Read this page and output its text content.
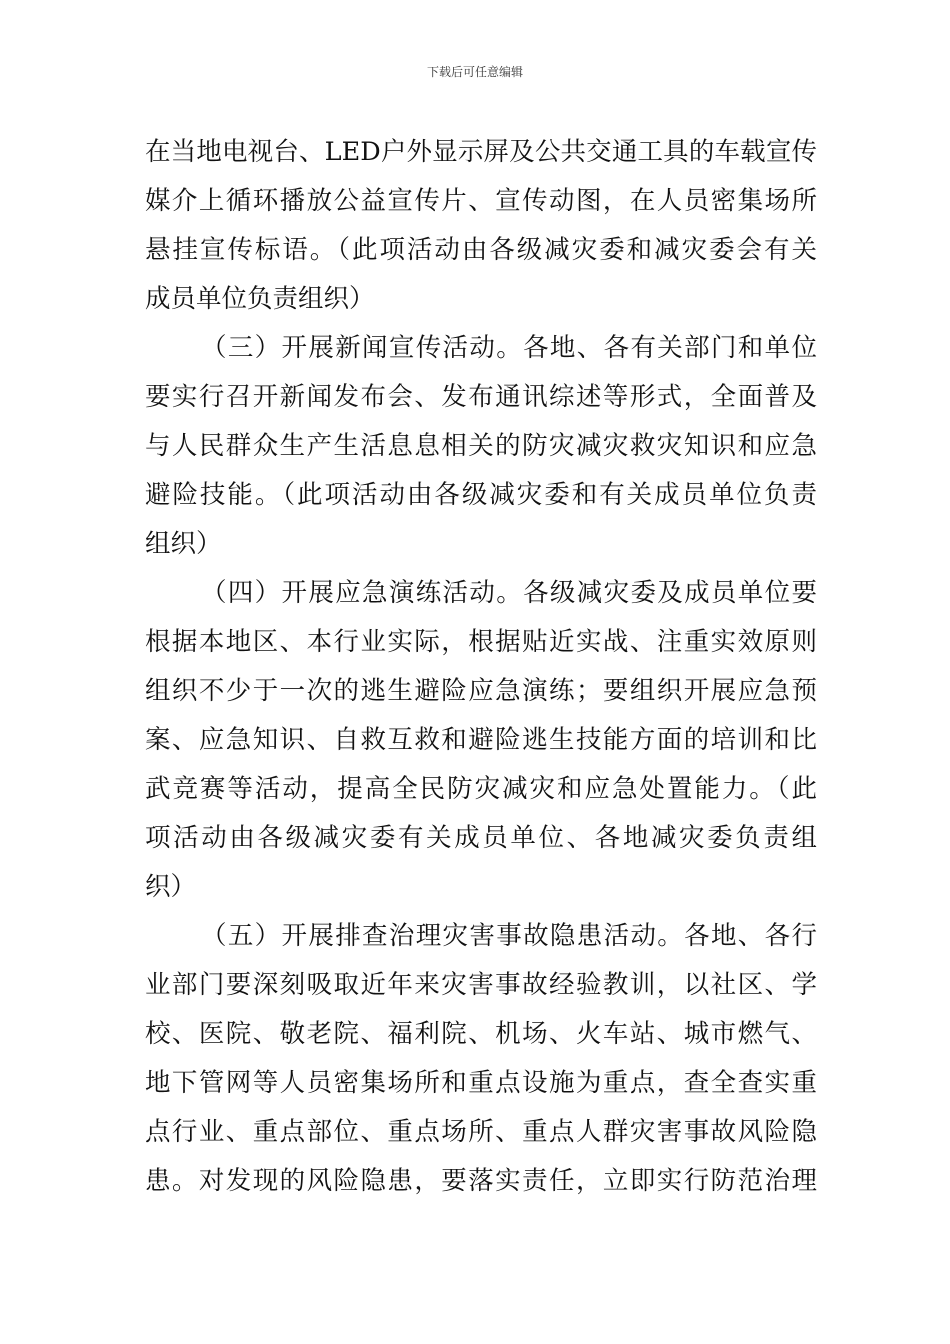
下载后可任意编辑
在当地电视台、LED户外显示屏及公共交通工具的车载宣传
媒介上循环播放公益宣传片、宣传动图，在人员密集场所
悬挂宣传标语。（此项活动由各级减灾委和减灾委会有关
成员单位负责组织）
（三）开展新闻宣传活动。各地、各有关部门和单位
要实行召开新闻发布会、发布通讯综述等形式，全面普及
与人民群众生产生活息息相关的防灾减灾救灾知识和应急
避险技能。（此项活动由各级减灾委和有关成员单位负责
组织）
（四）开展应急演练活动。各级减灾委及成员单位要
根据本地区、本行业实际，根据贴近实战、注重实效原则
组织不少于一次的逃生避险应急演练；要组织开展应急预
案、应急知识、自救互救和避险逃生技能方面的培训和比
武竞赛等活动，提高全民防灾减灾和应急处置能力。（此
项活动由各级减灾委有关成员单位、各地减灾委负责组
织）
（五）开展排查治理灾害事故隐患活动。各地、各行
业部门要深刻吸取近年来灾害事故经验教训，以社区、学
校、医院、敬老院、福利院、机场、火车站、城市燃气、
地下管网等人员密集场所和重点设施为重点，查全查实重
点行业、重点部位、重点场所、重点人群灾害事故风险隐
患。对发现的风险隐患，要落实责任，立即实行防范治理
